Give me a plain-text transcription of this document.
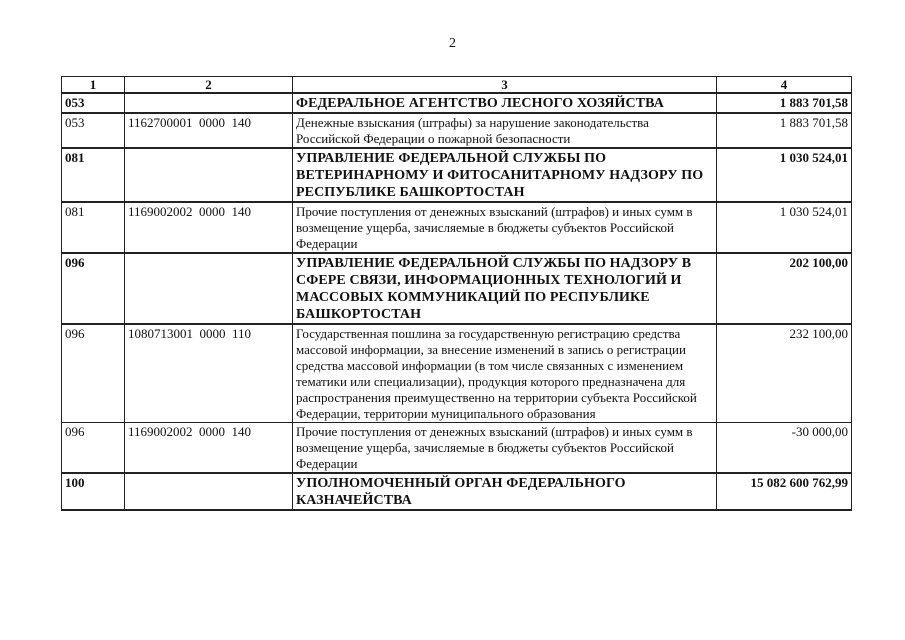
2
1	2	3	4
053		ФЕДЕРАЛЬНОЕ АГЕНТСТВО ЛЕСНОГО ХОЗЯЙСТВА	1 883 701,58
053	1162700001  0000  140	Денежные взыскания (штрафы) за нарушение законодательства Российской Федерации о пожарной безопасности	1 883 701,58
081		УПРАВЛЕНИЕ ФЕДЕРАЛЬНОЙ СЛУЖБЫ ПО ВЕТЕРИНАРНОМУ И ФИТОСАНИТАРНОМУ НАДЗОРУ ПО РЕСПУБЛИКЕ БАШКОРТОСТАН	1 030 524,01
081	1169002002  0000  140	Прочие поступления от денежных взысканий (штрафов) и иных сумм в возмещение ущерба, зачисляемые в бюджеты субъектов Российской Федерации	1 030 524,01
096		УПРАВЛЕНИЕ ФЕДЕРАЛЬНОЙ СЛУЖБЫ ПО НАДЗОРУ В СФЕРЕ СВЯЗИ, ИНФОРМАЦИОННЫХ ТЕХНОЛОГИЙ И МАССОВЫХ КОММУНИКАЦИЙ ПО РЕСПУБЛИКЕ БАШКОРТОСТАН	202 100,00
096	1080713001  0000  110	Государственная пошлина за государственную регистрацию средства массовой информации, за внесение изменений в запись о регистрации средства массовой информации (в том числе связанных с изменением тематики или специализации), продукция которого предназначена для распространения преимущественно на территории субъекта Российской Федерации, территории муниципального образования	232 100,00
096	1169002002  0000  140	Прочие поступления от денежных взысканий (штрафов) и иных сумм в возмещение ущерба, зачисляемые в бюджеты субъектов Российской Федерации	-30 000,00
100		УПОЛНОМОЧЕННЫЙ ОРГАН ФЕДЕРАЛЬНОГО КАЗНАЧЕЙСТВА	15 082 600 762,99
